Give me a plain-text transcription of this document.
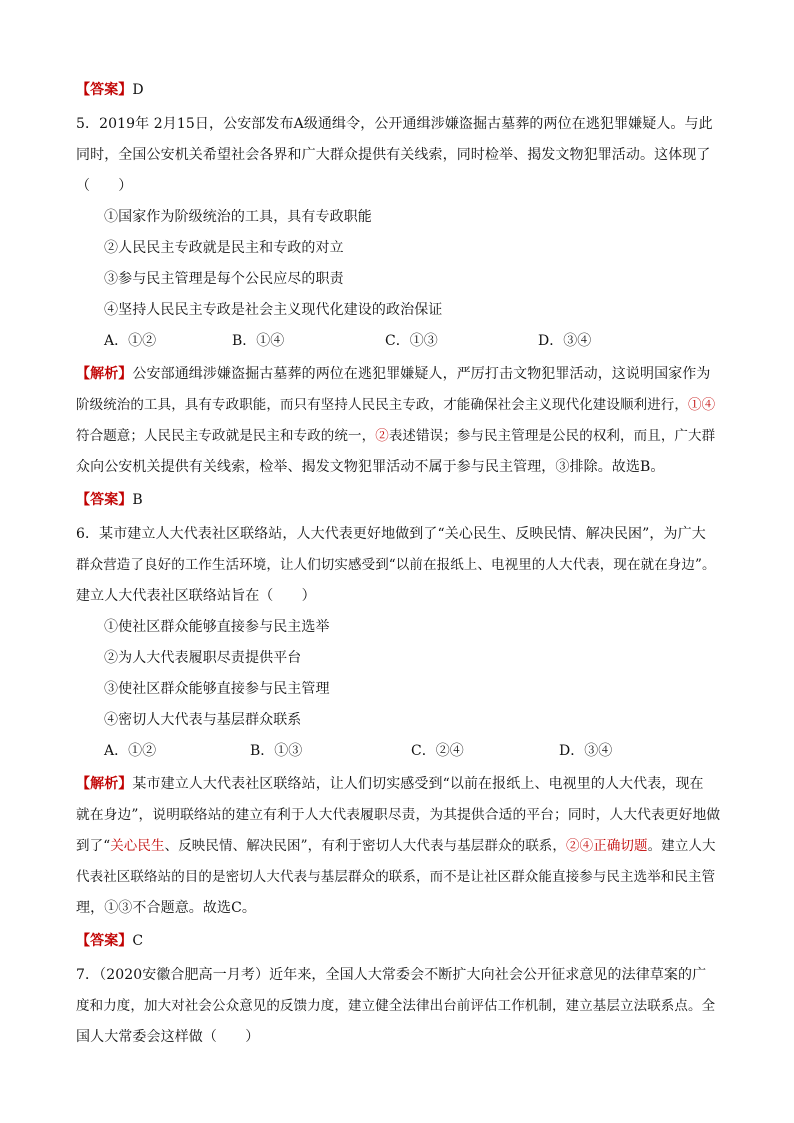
【答案】D
5．2019年 2月15日，公安部发布A级通缉令，公开通缉涉嫌盗掘古墓葬的两位在逃犯罪嫌疑人。与此
同时，全国公安机关希望社会各界和广大群众提供有关线索，同时检举、揭发文物犯罪活动。这体现了
（　　）
①国家作为阶级统治的工具，具有专政职能
②人民民主专政就是民主和专政的对立
③参与民主管理是每个公民应尽的职责
④坚持人民民主专政是社会主义现代化建设的政治保证
A．①②	B．①④	C．①③	D．③④
【解析】公安部通缉涉嫌盗掘古墓葬的两位在逃犯罪嫌疑人，严厉打击文物犯罪活动，这说明国家作为
阶级统治的工具，具有专政职能，而只有坚持人民民主专政，才能确保社会主义现代化建设顺利进行，①④
符合题意；人民民主专政就是民主和专政的统一，②表述错误；参与民主管理是公民的权利，而且，广大群
众向公安机关提供有关线索，检举、揭发文物犯罪活动不属于参与民主管理，③排除。故选B。
【答案】B
6．某市建立人大代表社区联络站，人大代表更好地做到了“关心民生、反映民情、解决民困”，为广大
群众营造了良好的工作生活环境，让人们切实感受到“以前在报纸上、电视里的人大代表，现在就在身边”。
建立人大代表社区联络站旨在（　　）
①使社区群众能够直接参与民主选举
②为人大代表履职尽责提供平台
③使社区群众能够直接参与民主管理
④密切人大代表与基层群众联系
A．①②	B．①③	C．②④	D．③④
【解析】某市建立人大代表社区联络站，让人们切实感受到“以前在报纸上、电视里的人大代表，现在
就在身边”，说明联络站的建立有利于人大代表履职尽责，为其提供合适的平台；同时，人大代表更好地做
到了“关心民生、反映民情、解决民困”，有利于密切人大代表与基层群众的联系，②④正确切题。建立人大
代表社区联络站的目的是密切人大代表与基层群众的联系，而不是让社区群众能直接参与民主选举和民主管
理，①③不合题意。故选C。
【答案】C
7．（2020安徽合肥高一月考）近年来，全国人大常委会不断扩大向社会公开征求意见的法律草案的广
度和力度，加大对社会公众意见的反馈力度，建立健全法律出台前评估工作机制，建立基层立法联系点。全
国人大常委会这样做（　　）
